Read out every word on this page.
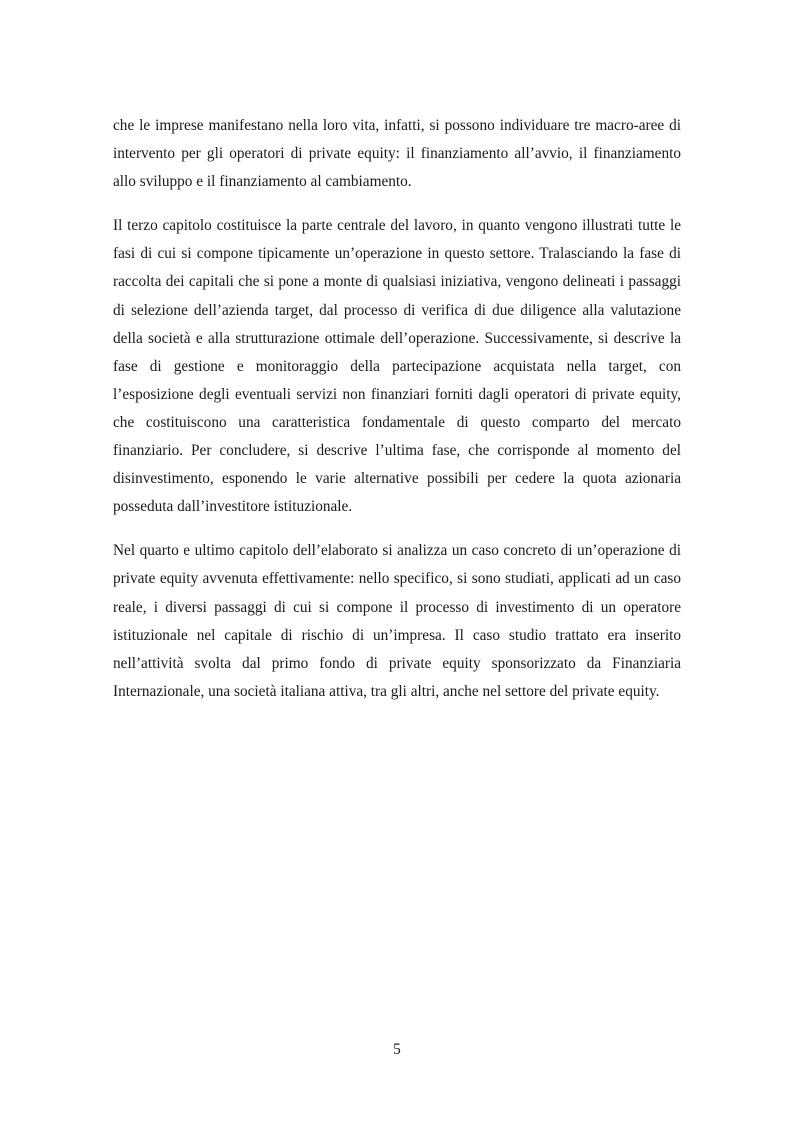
che le imprese manifestano nella loro vita, infatti, si possono individuare tre macro-aree di intervento per gli operatori di private equity: il finanziamento all’avvio, il finanziamento allo sviluppo e il finanziamento al cambiamento.

Il terzo capitolo costituisce la parte centrale del lavoro, in quanto vengono illustrati tutte le fasi di cui si compone tipicamente un’operazione in questo settore. Tralasciando la fase di raccolta dei capitali che si pone a monte di qualsiasi iniziativa, vengono delineati i passaggi di selezione dell’azienda target, dal processo di verifica di due diligence alla valutazione della società e alla strutturazione ottimale dell’operazione. Successivamente, si descrive la fase di gestione e monitoraggio della partecipazione acquistata nella target, con l’esposizione degli eventuali servizi non finanziari forniti dagli operatori di private equity, che costituiscono una caratteristica fondamentale di questo comparto del mercato finanziario. Per concludere, si descrive l’ultima fase, che corrisponde al momento del disinvestimento, esponendo le varie alternative possibili per cedere la quota azionaria posseduta dall’investitore istituzionale.

Nel quarto e ultimo capitolo dell’elaborato si analizza un caso concreto di un’operazione di private equity avvenuta effettivamente: nello specifico, si sono studiati, applicati ad un caso reale, i diversi passaggi di cui si compone il processo di investimento di un operatore istituzionale nel capitale di rischio di un’impresa. Il caso studio trattato era inserito nell’attività svolta dal primo fondo di private equity sponsorizzato da Finanziaria Internazionale, una società italiana attiva, tra gli altri, anche nel settore del private equity.

5
